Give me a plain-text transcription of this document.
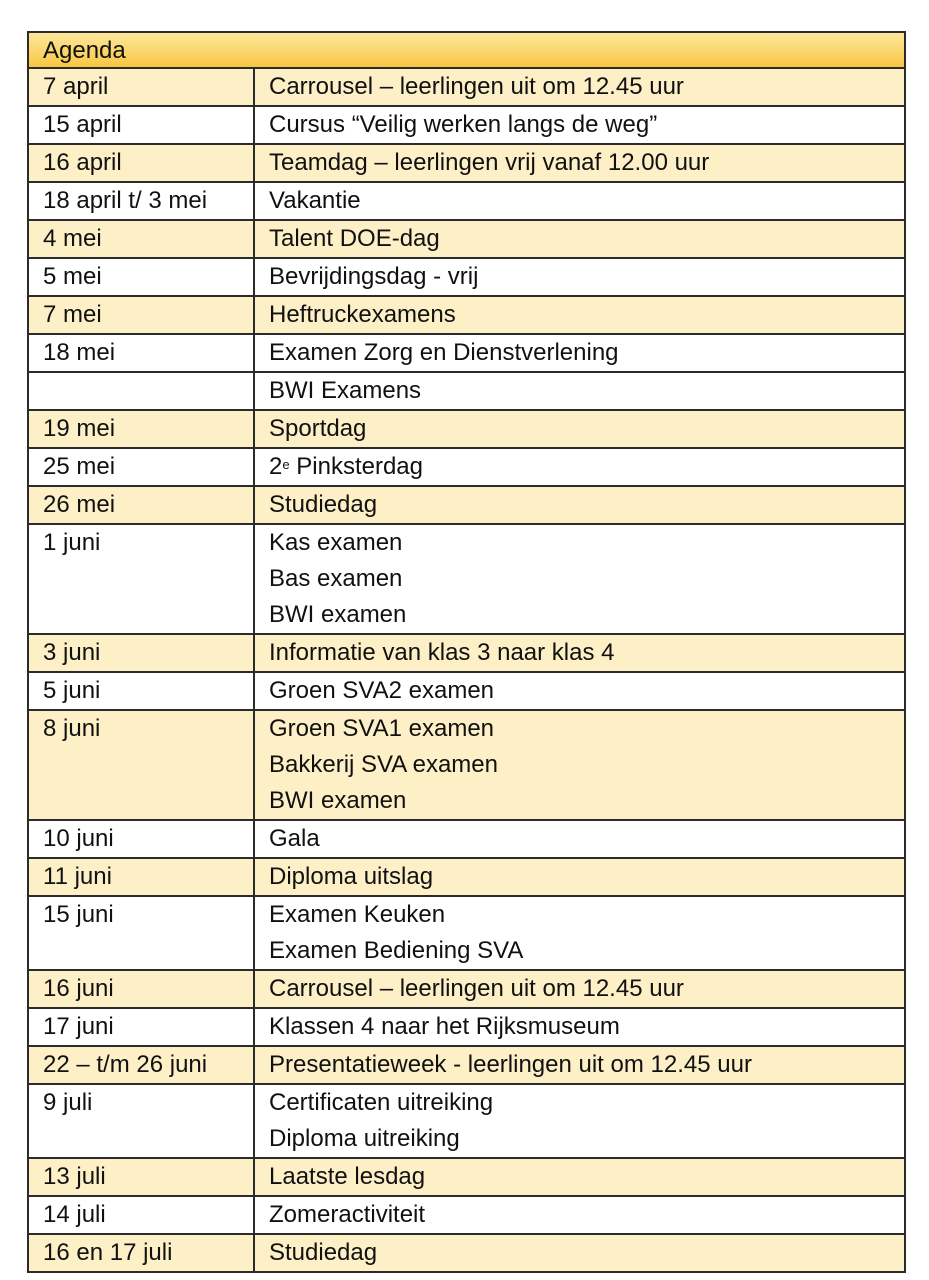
Agenda
7 april	Carrousel – leerlingen uit om 12.45 uur
15 april	Cursus “Veilig werken langs de weg”
16 april	Teamdag – leerlingen vrij vanaf 12.00 uur
18 april t/ 3 mei	Vakantie
4 mei	Talent DOE-dag
5 mei	Bevrijdingsdag - vrij
7 mei	Heftruckexamens
18 mei	Examen Zorg en Dienstverlening

BWI Examens
19 mei	Sportdag
25 mei	2e Pinksterdag
26 mei	Studiedag
1 juni	Kas examen
Bas examen
BWI examen
3 juni	Informatie van klas 3 naar klas 4
5 juni	Groen SVA2 examen
8 juni	Groen SVA1 examen
Bakkerij SVA examen
BWI examen
10 juni	Gala
11 juni	Diploma uitslag
15 juni	Examen Keuken
Examen Bediening SVA
16 juni	Carrousel – leerlingen uit om 12.45 uur
17 juni	Klassen 4 naar het Rijksmuseum
22 – t/m 26 juni	Presentatieweek - leerlingen uit om 12.45 uur
9 juli	Certificaten uitreiking
Diploma uitreiking
13 juli	Laatste lesdag
14 juli	Zomeractiviteit
16 en 17 juli	Studiedag
